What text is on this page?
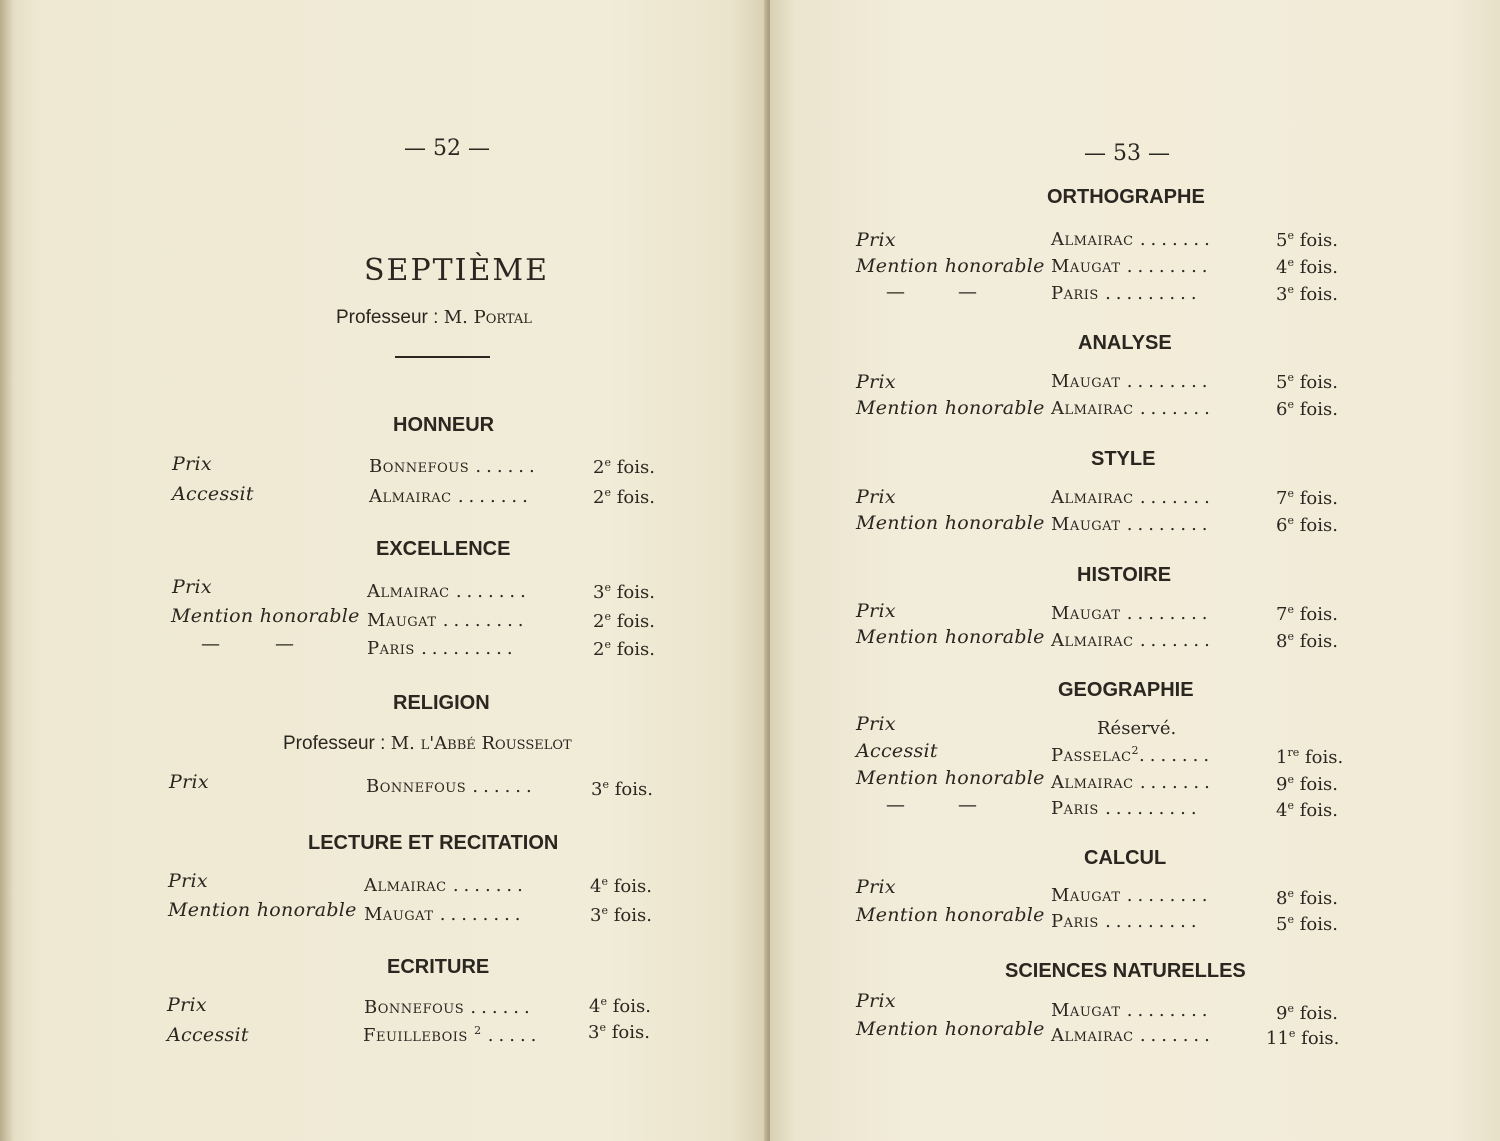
— 52 —
SEPTIÈME
Professeur : M. Portal
HONNEUR
Prix	Bonnefous ......	2e fois.
Accessit	Almairac .......	2e fois.
EXCELLENCE
Prix	Almairac .......	3e fois.
Mention honorable Maugat ........	2e fois.
—	—	Paris .........	2e fois.
RELIGION
Professeur : M. l'Abbé Rousselot
Prix	Bonnefous ......	3e fois.
LECTURE ET RECITATION
Prix	Almairac .......	4e fois.
Mention honorable Maugat ........	3e fois.
ECRITURE
Prix	Bonnefous ......	4e fois.
Accessit	Feuillebois $^2$ .....	3e fois.
— 53 —
ORTHOGRAPHE
Prix	Almairac .......	5e fois.
Mention honorable Maugat ........	4e fois.
—	—	Paris .........	3e fois.
ANALYSE
Prix	Maugat ........	5e fois.
Mention honorable Almairac .......	6e fois.
STYLE
Prix	Almairac .......	7e fois.
Mention honorable Maugat ........	6e fois.
HISTOIRE
Prix	Maugat ........	7e fois.
Mention honorable Almairac .......	8e fois.
GEOGRAPHIE
Prix	Réservé.
Accessit	Passelac$^2$.......	1re fois.
Mention honorable Almairac .......	9e fois.
—	—	Paris .........	4e fois.
CALCUL
Prix	Maugat ........	8e fois.
Mention honorable Paris .........	5e fois.
SCIENCES NATURELLES
Prix	Maugat ........	9e fois.
Mention honorable Almairac .......	11e fois.
